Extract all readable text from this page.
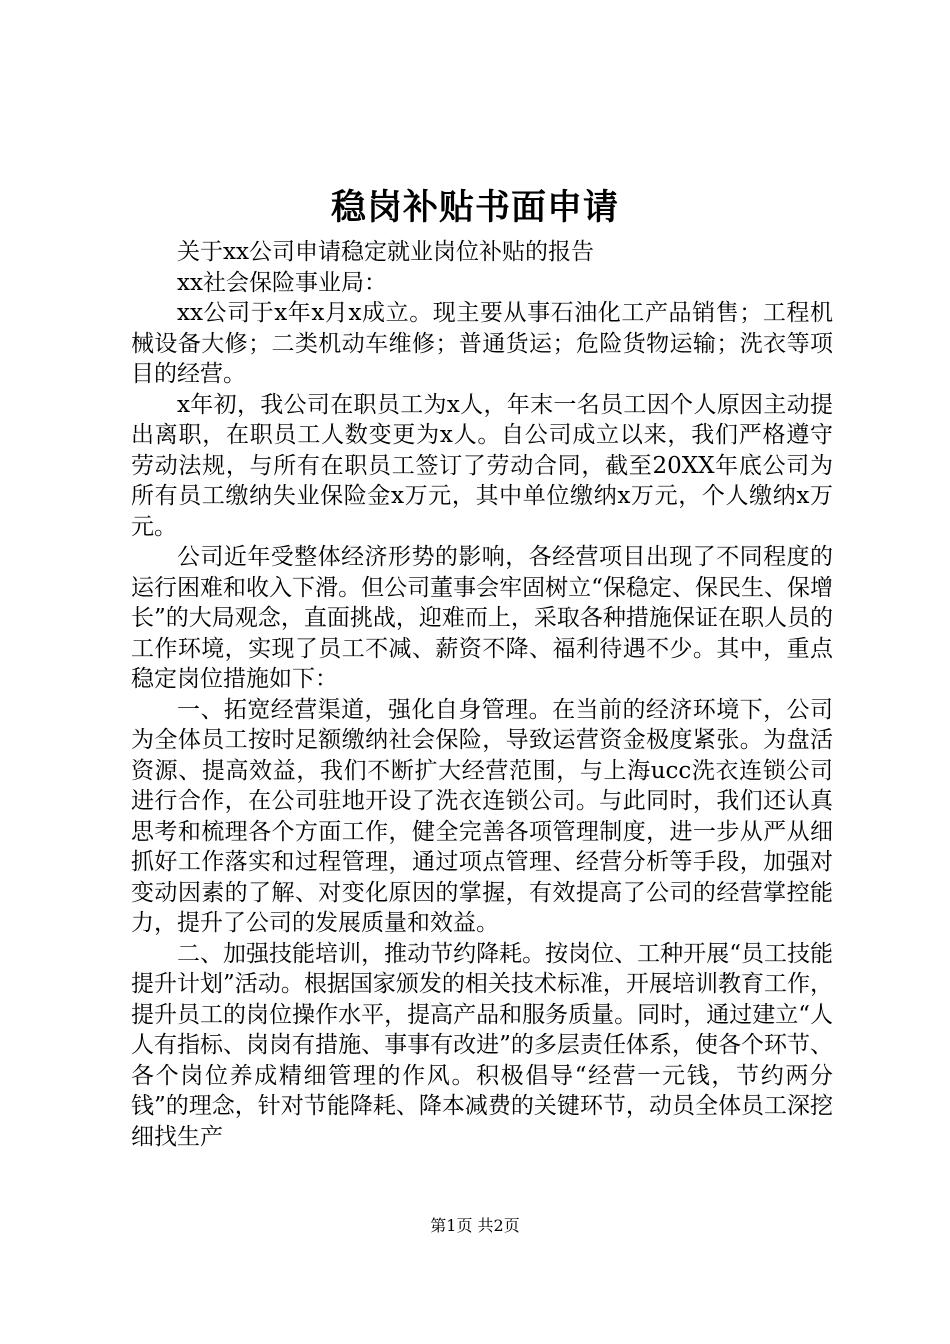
稳岗补贴书面申请

关于xx公司申请稳定就业岗位补贴的报告

xx社会保险事业局：

xx公司于x年x月x成立。现主要从事石油化工产品销售；工程机械设备大修；二类机动车维修；普通货运；危险货物运输；洗衣等项目的经营。

x年初，我公司在职员工为x人，年末一名员工因个人原因主动提出离职，在职员工人数变更为x人。自公司成立以来，我们严格遵守劳动法规，与所有在职员工签订了劳动合同，截至20XX年底公司为所有员工缴纳失业保险金x万元，其中单位缴纳x万元，个人缴纳x万元。

公司近年受整体经济形势的影响，各经营项目出现了不同程度的运行困难和收入下滑。但公司董事会牢固树立“保稳定、保民生、保增长”的大局观念，直面挑战，迎难而上，采取各种措施保证在职人员的工作环境，实现了员工不减、薪资不降、福利待遇不少。其中，重点稳定岗位措施如下：

一、拓宽经营渠道，强化自身管理。在当前的经济环境下，公司为全体员工按时足额缴纳社会保险，导致运营资金极度紧张。为盘活资源、提高效益，我们不断扩大经营范围，与上海ucc洗衣连锁公司进行合作，在公司驻地开设了洗衣连锁公司。与此同时，我们还认真思考和梳理各个方面工作，健全完善各项管理制度，进一步从严从细抓好工作落实和过程管理，通过项点管理、经营分析等手段，加强对变动因素的了解、对变化原因的掌握，有效提高了公司的经营掌控能力，提升了公司的发展质量和效益。

二、加强技能培训，推动节约降耗。按岗位、工种开展“员工技能提升计划”活动。根据国家颁发的相关技术标准，开展培训教育工作，提升员工的岗位操作水平，提高产品和服务质量。同时，通过建立“人人有指标、岗岗有措施、事事有改进”的多层责任体系，使各个环节、各个岗位养成精细管理的作风。积极倡导“经营一元钱，节约两分钱”的理念，针对节能降耗、降本减费的关键环节，动员全体员工深挖细找生产

第1页 共2页
